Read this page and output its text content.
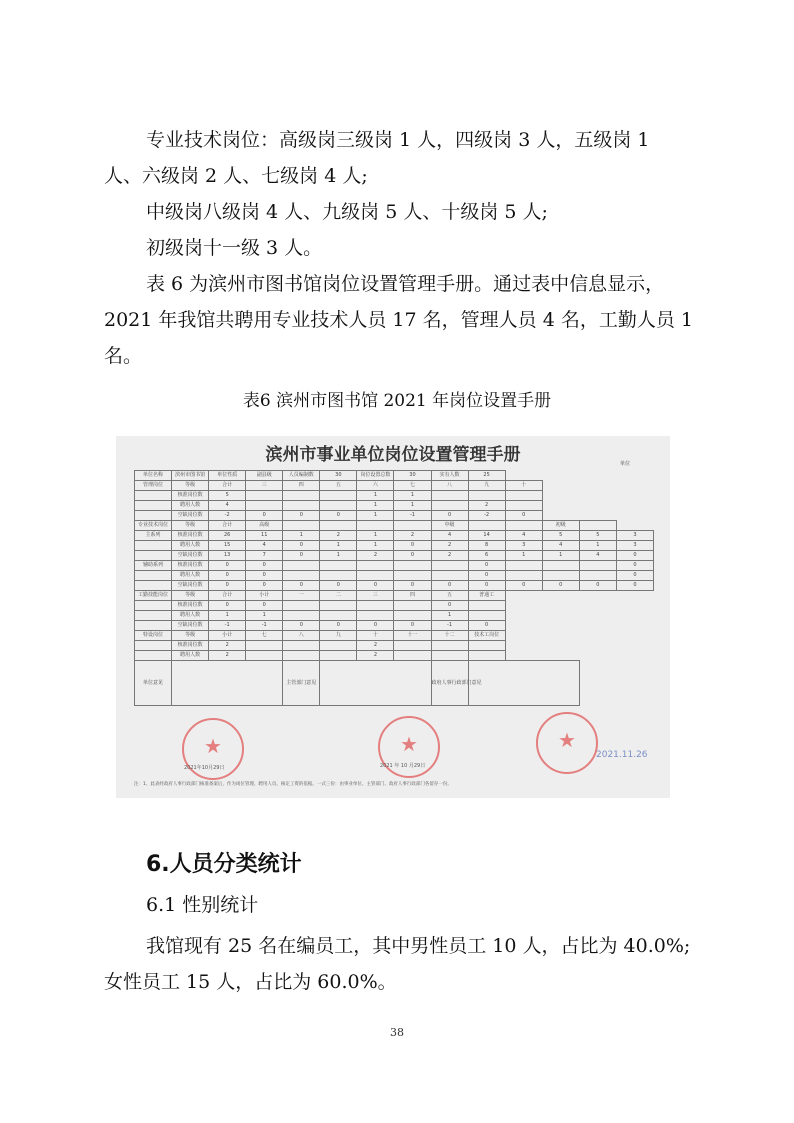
专业技术岗位：高级岗三级岗 1 人，四级岗 3 人，五级岗 1

人、六级岗 2 人、七级岗 4 人;

中级岗八级岗 4 人、九级岗 5 人、十级岗 5 人;

初级岗十一级 3 人。

表 6 为滨州市图书馆岗位设置管理手册。通过表中信息显示，2021 年我馆共聘用专业技术人员 17 名，管理人员 4 名，工勤人员 1 名。

表6 滨州市图书馆 2021 年岗位设置手册
滨州市事业单位岗位设置管理手册	单位
单位名称	滨州市图书馆	单位性质	副县级	人员编制数	30	岗位设置总数	30	实有人数	25				
管理岗位	等级	合计	三	四	五	六	七	八	九	十			
	核准岗位数	5				1	1						
	聘用人数	4				1	1		2				
	空缺岗位数	-2	0	0	0	1	-1	0	-2	0			
专业技术岗位	等级	合计	高级					中级			初级		
主系列	核准岗位数	26	11	1	2	1	2	4	14	4	5	5	3
	聘用人数	15	4	0	1	1	0	2	8	3	4	1	3
	空缺岗位数	13	7	0	1	2	0	2	6	1	1	4	0
辅助系列	核准岗位数	0	0						0				0
	聘用人数	0	0						0				0
	空缺岗位数	0	0	0	0	0	0	0	0	0	0	0	0
工勤技能岗位	等级	合计	小计	一	二	三	四	五	普通工				
	核准岗位数	0	0					0					
	聘用人数	1	1					1					
	空缺岗位数	-1	-1	0	0	0	0	-1	0				
特设岗位	等级	小计	七	八	九	十	十一	十二	技术工岗位				
	核准岗位数	2				2							
	聘用人数	2				2							
单位意见				主管部门意见				政府人事行政部门意见					
★
2021年10月29日
★
2021 年 10 月29日
★
2021.11.26
注：1、此表经政府人事行政部门核准备案后，作为岗位管理、聘用人员、核定工资的依据。一式三份：由事业单位、主管部门、政府人事行政部门各留存一份。
6.人员分类统计
6.1 性别统计

我馆现有 25 名在编员工，其中男性员工 10 人，占比为 40.0%;女性员工 15 人，占比为 60.0%。

38
